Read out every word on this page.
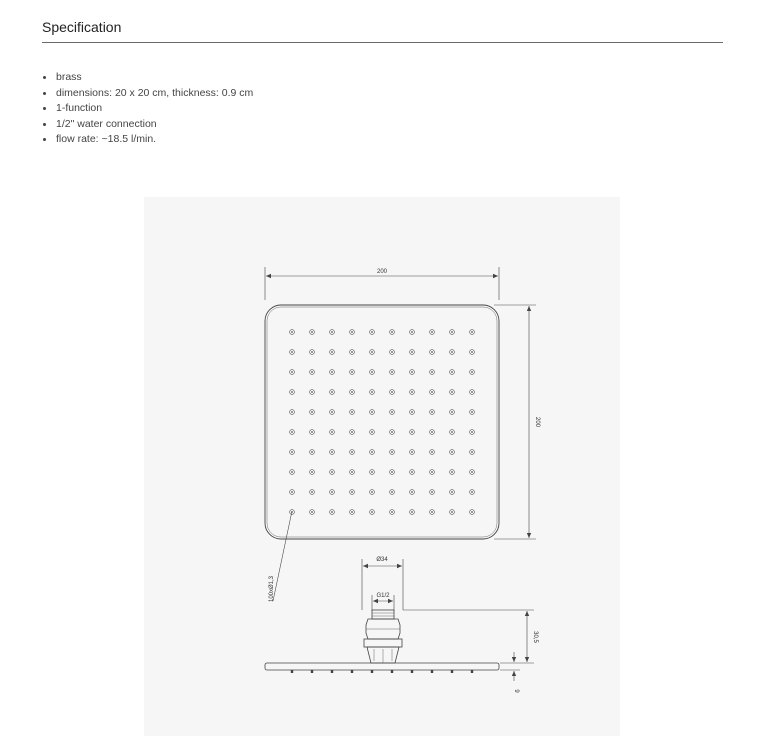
Specification
brass
dimensions: 20 x 20 cm, thickness: 0.9 cm
1-function
1/2" water connection
flow rate: ~18.5 l/min.
200
200
100xØ1,3
Ø34
G1/2
30,5
9
